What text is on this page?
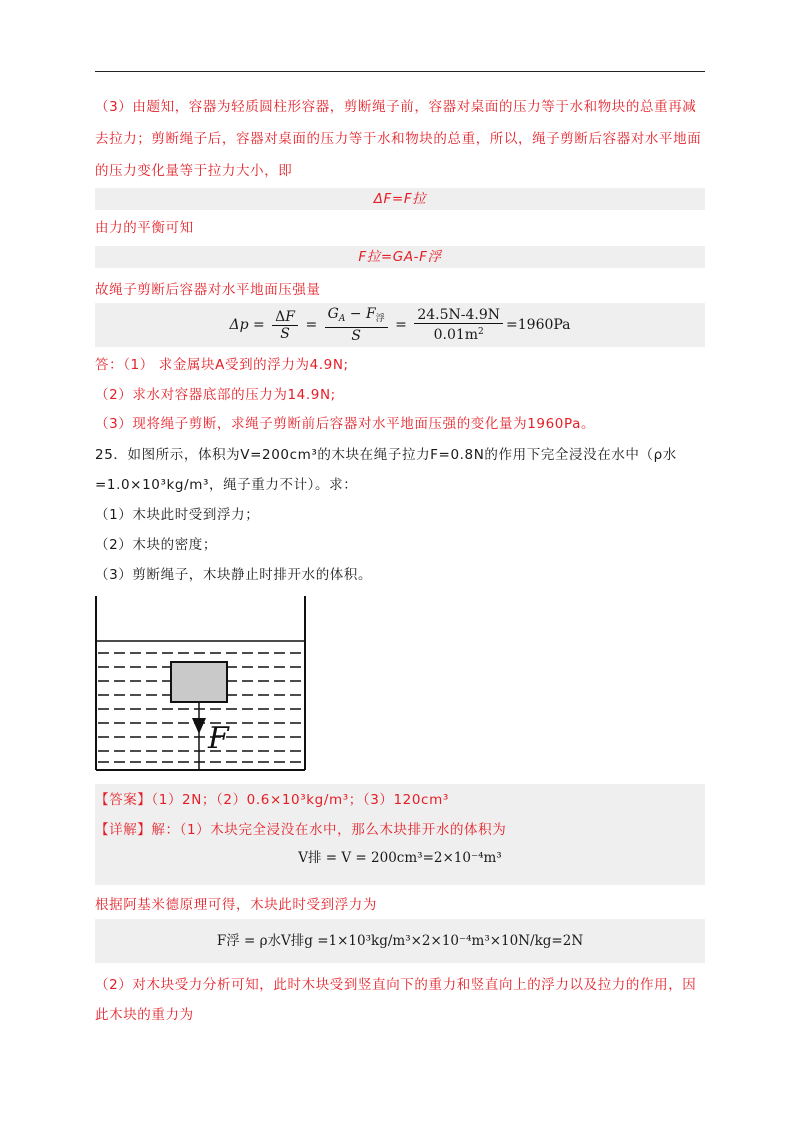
（3）由题知，容器为轻质圆柱形容器，剪断绳子前，容器对桌面的压力等于水和物块的总重再减
去拉力；剪断绳子后，容器对桌面的压力等于水和物块的总重，所以，绳子剪断后容器对水平地面
的压力变化量等于拉力大小，即
ΔF=F拉
由力的平衡可知
F拉=GA-F浮
故绳子剪断后容器对水平地面压强量
$\Delta p = \frac{\Delta F}{S} = \frac{G_A - F_浮}{S} = \frac{24.5N-4.9N}{0.01m^2} =1960Pa$
答：（1） 求金属块A受到的浮力为4.9N;
（2）求水对容器底部的压力为14.9N;
（3）现将绳子剪断，求绳子剪断前后容器对水平地面压强的变化量为1960Pa。
25．如图所示，体积为V=200cm³的木块在绳子拉力F=0.8N的作用下完全浸没在水中（ρ水
=1.0×10³kg/m³，绳子重力不计）。求：
（1）木块此时受到浮力；
（2）木块的密度；
（3）剪断绳子，木块静止时排开水的体积。
F
【答案】（1）2N；（2）0.6×10³kg/m³；（3）120cm³
【详解】解：（1）木块完全浸没在水中，那么木块排开水的体积为
V排 = V = 200cm³=2×10⁻⁴m³
根据阿基米德原理可得，木块此时受到浮力为
F浮 = ρ水V排g =1×10³kg/m³×2×10⁻⁴m³×10N/kg=2N
（2）对木块受力分析可知，此时木块受到竖直向下的重力和竖直向上的浮力以及拉力的作用，因
此木块的重力为
